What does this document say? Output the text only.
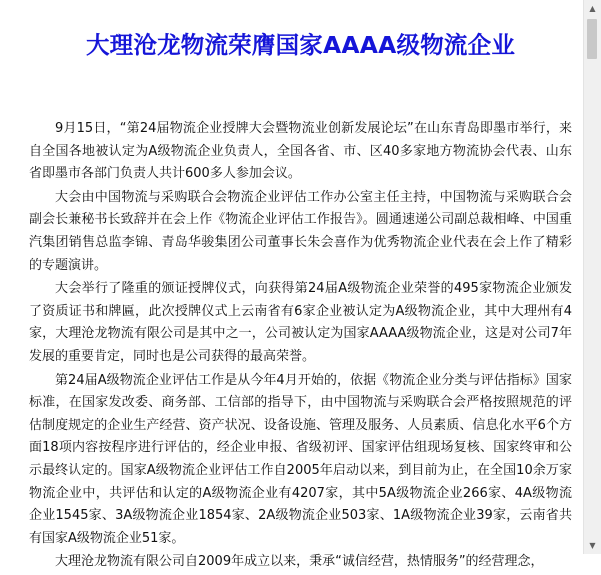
大理沧龙物流荣膺国家AAAA级物流企业

9月15日，“第24届物流企业授牌大会暨物流业创新发展论坛”在山东青岛即墨市举行，来自全国各地被认定为A级物流企业负责人，全国各省、市、区40多家地方物流协会代表、山东省即墨市各部门负责人共计600多人参加会议。

大会由中国物流与采购联合会物流企业评估工作办公室主任主持，中国物流与采购联合会副会长兼秘书长致辞并在会上作《物流企业评估工作报告》。圆通速递公司副总裁相峰、中国重汽集团销售总监李锦、青岛华骏集团公司董事长朱会喜作为优秀物流企业代表在会上作了精彩的专题演讲。

大会举行了隆重的颁证授牌仪式，向获得第24届A级物流企业荣誉的495家物流企业颁发了资质证书和牌匾，此次授牌仪式上云南省有6家企业被认定为A级物流企业，其中大理州有4家，大理沧龙物流有限公司是其中之一，公司被认定为国家AAAA级物流企业，这是对公司7年发展的重要肯定，同时也是公司获得的最高荣誉。

第24届A级物流企业评估工作是从今年4月开始的，依据《物流企业分类与评估指标》国家标准，在国家发改委、商务部、工信部的指导下，由中国物流与采购联合会严格按照规范的评估制度规定的企业生产经营、资产状况、设备设施、管理及服务、人员素质、信息化水平6个方面18项内容按程序进行评估的，经企业申报、省级初评、国家评估组现场复核、国家终审和公示最终认定的。国家A级物流企业评估工作自2005年启动以来，到目前为止，在全国10余万家物流企业中，共评估和认定的A级物流企业有4207家，其中5A级物流企业266家、4A级物流企业1545家、3A级物流企业1854家、2A级物流企业503家、1A级物流企业39家，云南省共有国家A级物流企业51家。

大理沧龙物流有限公司自2009年成立以来，秉承“诚信经营，热情服务”的经营理念，

▲
▼
